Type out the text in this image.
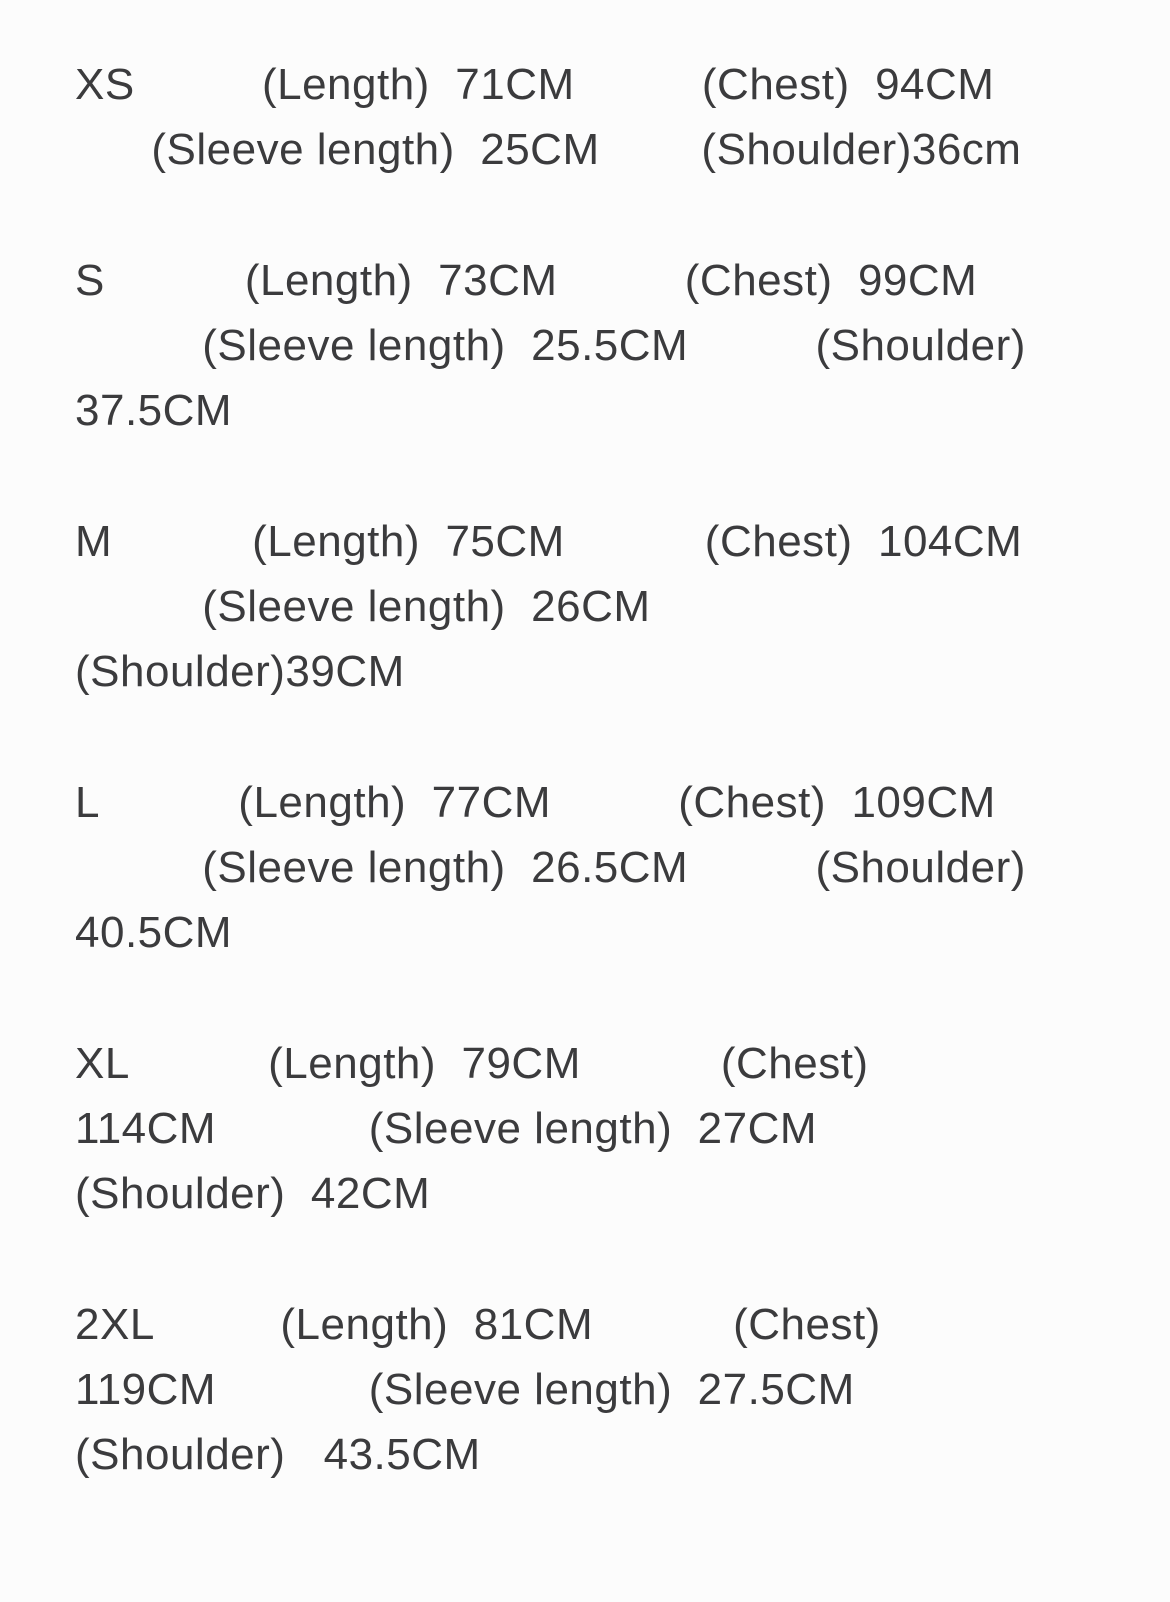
XS          (Length)  71CM          (Chest)  94CM
(Sleeve length)  25CM        (Shoulder)36cm
S           (Length)  73CM          (Chest)  99CM
(Sleeve length)  25.5CM          (Shoulder)
37.5CM
M           (Length)  75CM           (Chest)  104CM
(Sleeve length)  26CM
(Shoulder)39CM
L           (Length)  77CM          (Chest)  109CM
(Sleeve length)  26.5CM          (Shoulder)
40.5CM
XL           (Length)  79CM           (Chest)
114CM            (Sleeve length)  27CM
(Shoulder)  42CM
2XL          (Length)  81CM           (Chest)
119CM            (Sleeve length)  27.5CM
(Shoulder)   43.5CM
